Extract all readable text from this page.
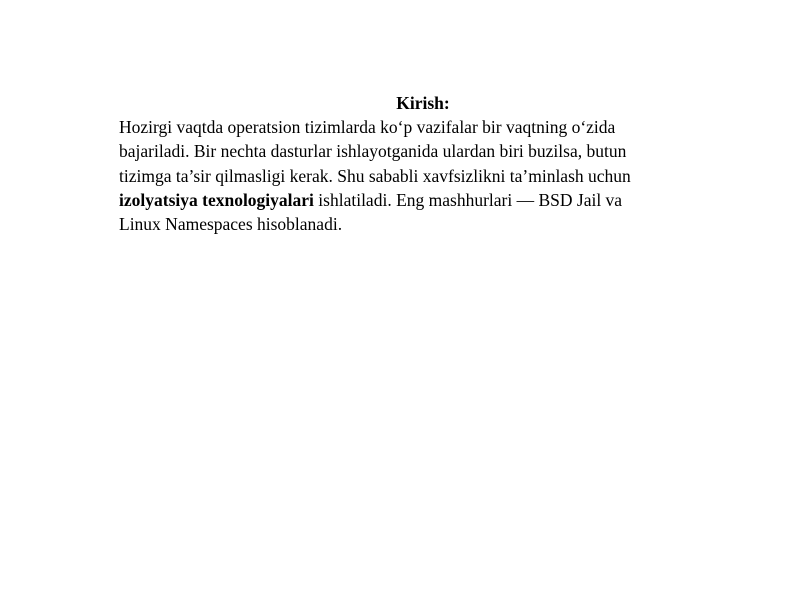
Kirish:

Hozirgi vaqtda operatsion tizimlarda ko‘p vazifalar bir vaqtning o‘zida
bajariladi. Bir nechta dasturlar ishlayotganida ulardan biri buzilsa, butun
tizimga ta’sir qilmasligi kerak. Shu sababli xavfsizlikni ta’minlash uchun
izolyatsiya texnologiyalari ishlatiladi. Eng mashhurlari — BSD Jail va
Linux Namespaces hisoblanadi.
